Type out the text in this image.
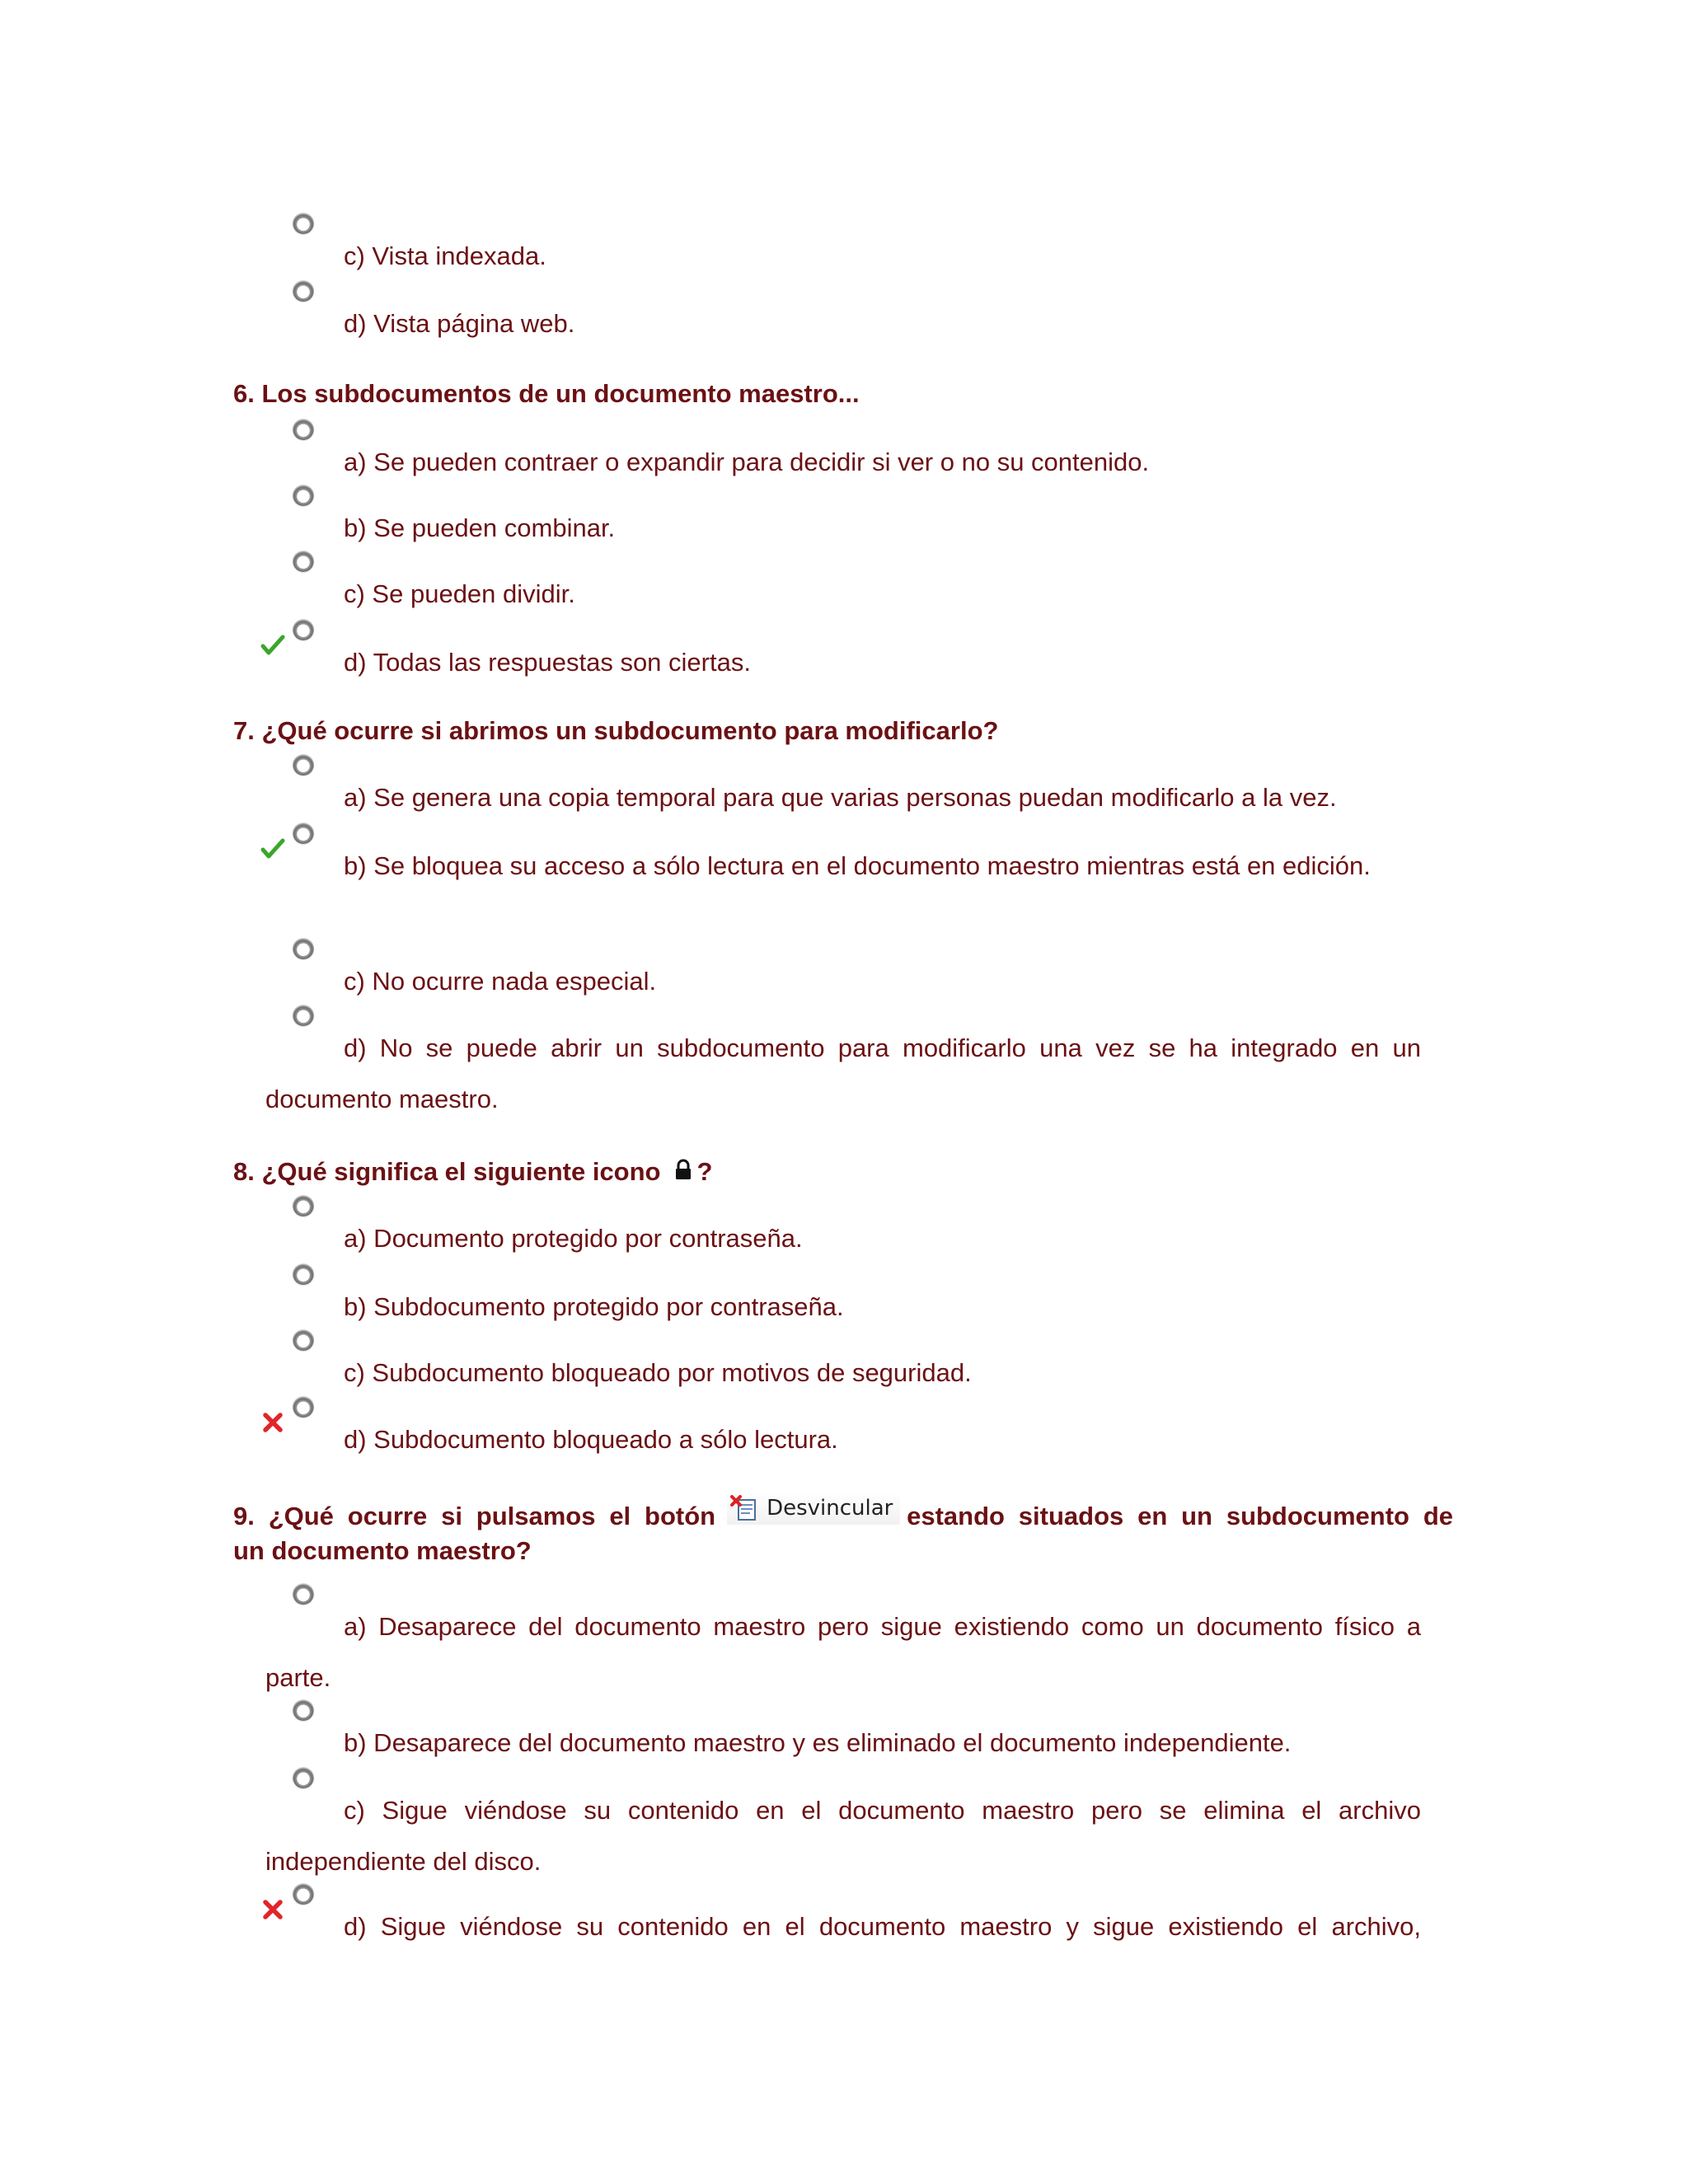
c) Vista indexada.
d) Vista página web.

6. Los subdocumentos de un documento maestro...

a) Se pueden contraer o expandir para decidir si ver o no su contenido.
b) Se pueden combinar.
c) Se pueden dividir.
d) Todas las respuestas son ciertas.

7. ¿Qué ocurre si abrimos un subdocumento para modificarlo?

a) Se genera una copia temporal para que varias personas puedan modificarlo a la vez.
b) Se bloquea su acceso a sólo lectura en el documento maestro mientras está en edición.
c) No ocurre nada especial.
d) No se puede abrir un subdocumento para modificarlo una vez se ha integrado en un documento maestro.

8. ¿Qué significa el siguiente icono ?

a) Documento protegido por contraseña.
b) Subdocumento protegido por contraseña.
c) Subdocumento bloqueado por motivos de seguridad.
d) Subdocumento bloqueado a sólo lectura.
9. ¿Qué ocurre si pulsamos el botón Desvincular estando situados en un subdocumento de
un documento maestro?
a) Desaparece del documento maestro pero sigue existiendo como un documento físico a parte.
b) Desaparece del documento maestro y es eliminado el documento independiente.
c) Sigue viéndose su contenido en el documento maestro pero se elimina el archivo independiente del disco.
d) Sigue viéndose su contenido en el documento maestro y sigue existiendo el archivo,
